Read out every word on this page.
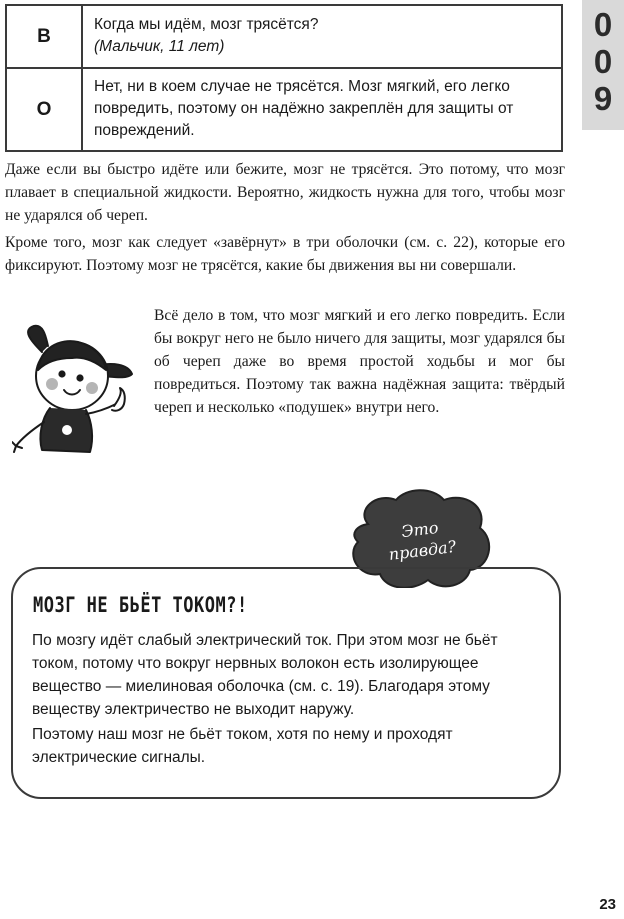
В	Когда мы идём, мозг трясётся?
(Мальчик, 11 лет)

О	Нет, ни в коем случае не трясётся. Мозг мягкий, его легко повредить, поэтому он надёжно закреплён для защиты от повреждений.
0
0
9

Даже если вы быстро идёте или бежите, мозг не трясётся. Это потому, что мозг плавает в специальной жидкости. Вероятно, жидкость нужна для того, чтобы мозг не ударялся об череп.

Кроме того, мозг как следует «завёрнут» в три оболочки (см. с. 22), которые его фиксируют. Поэтому мозг не трясётся, какие бы движения вы ни совершали.

Всё дело в том, что мозг мягкий и его легко повредить. Если бы вокруг него не было ничего для защиты, мозг ударялся бы об череп даже во время простой ходьбы и мог бы повредиться. Поэтому так важна надёжная защита: твёрдый череп и несколько «подушек» внутри него.

Это
правда?
МОЗГ НЕ БЬЁТ ТОКОМ?!

По мозгу идёт слабый электрический ток. При этом мозг не бьёт током, потому что вокруг нервных волокон есть изолирующее вещество — миелиновая оболочка (см. с. 19). Благодаря этому веществу электричество не выходит наружу.

Поэтому наш мозг не бьёт током, хотя по нему и проходят электрические сигналы.

23
